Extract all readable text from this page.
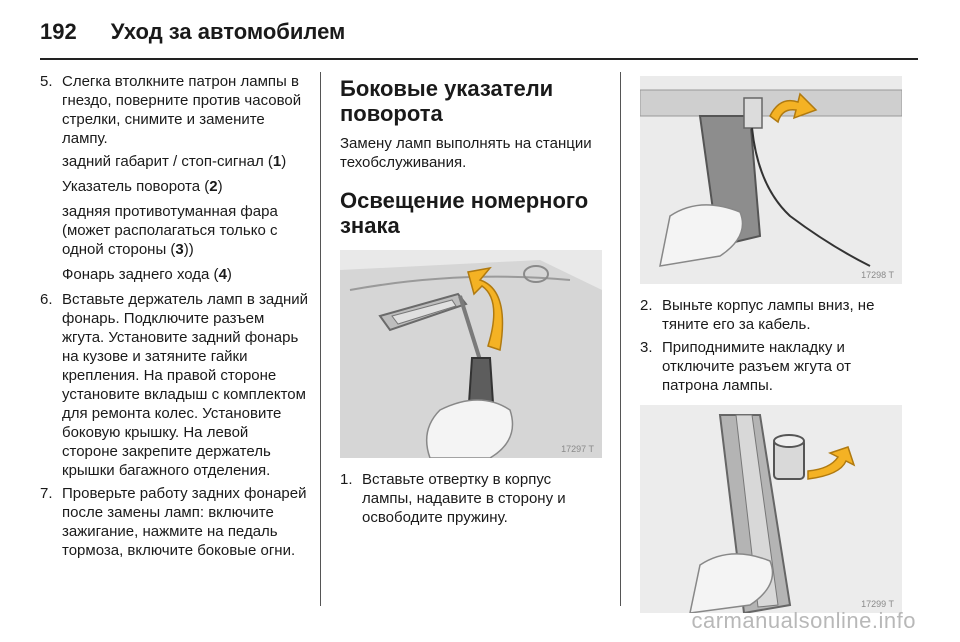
192 Уход за автомобилем
5. Слегка втолкните патрон лампы в гнездо, поверните против часовой стрелки, снимите и замените лампу.
задний габарит / стоп-сигнал (1)
Указатель поворота (2)
задняя противотуманная фара (может располагаться только с одной стороны (3))
Фонарь заднего хода (4)
6. Вставьте держатель ламп в задний фонарь. Подключите разъем жгута. Установите задний фонарь на кузове и затяните гайки крепления. На правой стороне установите вкладыш с комплектом для ремонта колес. Установите боковую крышку. На левой стороне закрепите держатель крышки багажного отделения.
7. Проверьте работу задних фонарей после замены ламп: включите зажигание, нажмите на педаль тормоза, включите боковые огни.
Боковые указатели поворота
Замену ламп выполнять на станции техобслуживания.
Освещение номерного знака
17297 T
1. Вставьте отвертку в корпус лампы, надавите в сторону и освободите пружину.
17298 T
2. Выньте корпус лампы вниз, не тяните его за кабель.
3. Приподнимите накладку и отключите разъем жгута от патрона лампы.
17299 T
carmanualsonline.info
